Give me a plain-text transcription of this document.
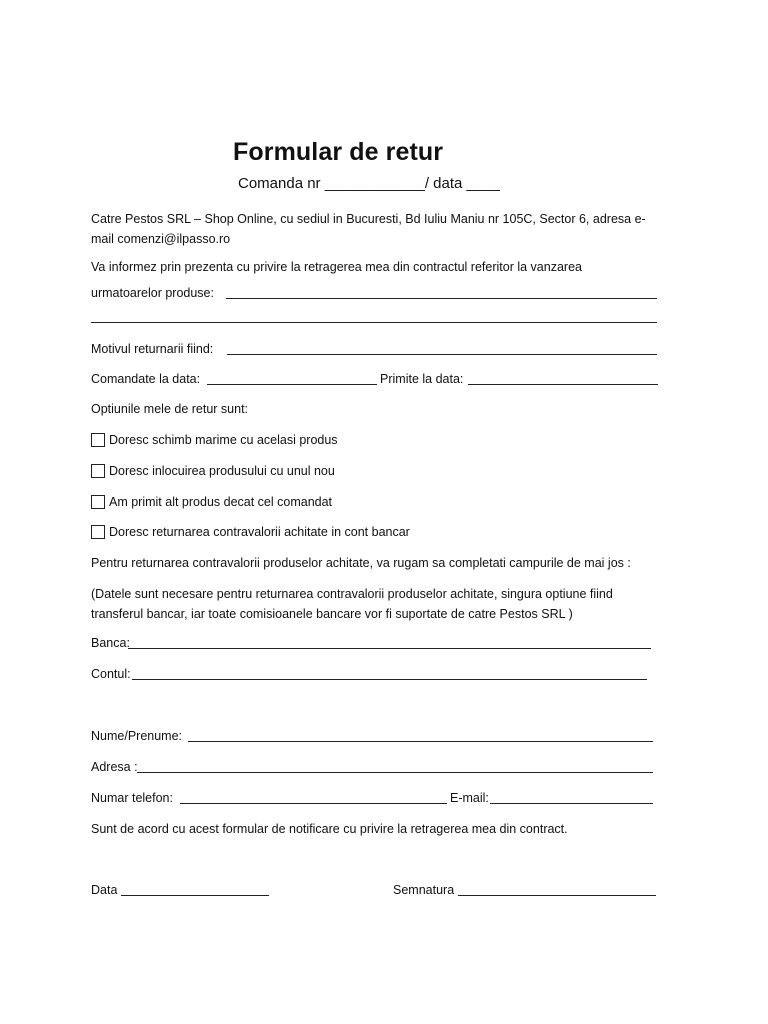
Formular de retur
Comanda nr ____________/ data ____
Catre Pestos SRL – Shop Online, cu sediul in Bucuresti, Bd Iuliu Maniu nr 105C, Sector 6, adresa e-mail comenzi@ilpasso.ro
Va informez prin prezenta cu privire la retragerea mea din contractul referitor la vanzarea
urmatoarelor produse:
Motivul returnarii fiind:
Comandate la data:	Primite la data:
Optiunile mele de retur sunt:
Doresc schimb marime cu acelasi produs
Doresc inlocuirea produsului cu unul nou
Am primit alt produs decat cel comandat
Doresc returnarea contravalorii achitate in cont bancar
Pentru returnarea contravalorii produselor achitate, va rugam sa completati campurile de mai jos :
(Datele sunt necesare pentru returnarea contravalorii produselor achitate, singura optiune fiind transferul bancar, iar toate comisioanele bancare vor fi suportate de catre Pestos SRL )
Banca:
Contul:
Nume/Prenume:
Adresa :
Numar telefon:	E-mail:
Sunt de acord cu acest formular de notificare cu privire la retragerea mea din contract.
Data	Semnatura
